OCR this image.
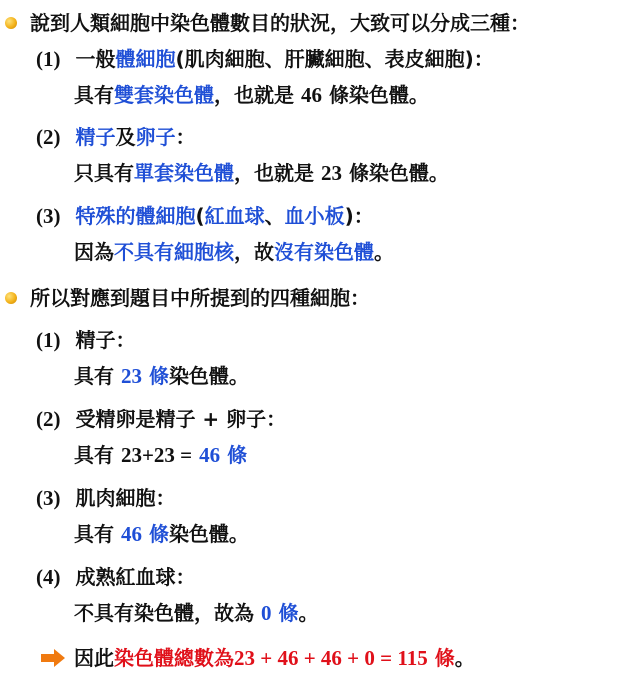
說到人類細胞中染色體數目的狀況，大致可以分成三種：
(1) 一般體細胞(肌肉細胞、肝臟細胞、表皮細胞)：
具有雙套染色體，也就是 46 條染色體。
(2) 精子及卵子：
只具有單套染色體，也就是 23 條染色體。
(3) 特殊的體細胞(紅血球、血小板)：
因為不具有細胞核，故沒有染色體。
所以對應到題目中所提到的四種細胞：
(1) 精子：
具有 23 條染色體。
(2) 受精卵是精子 + 卵子：
具有 23+23 = 46 條
(3) 肌肉細胞：
具有 46 條染色體。
(4) 成熟紅血球：
不具有染色體，故為 0 條。
因此染色體總數為23 + 46 + 46 + 0 = 115 條。
